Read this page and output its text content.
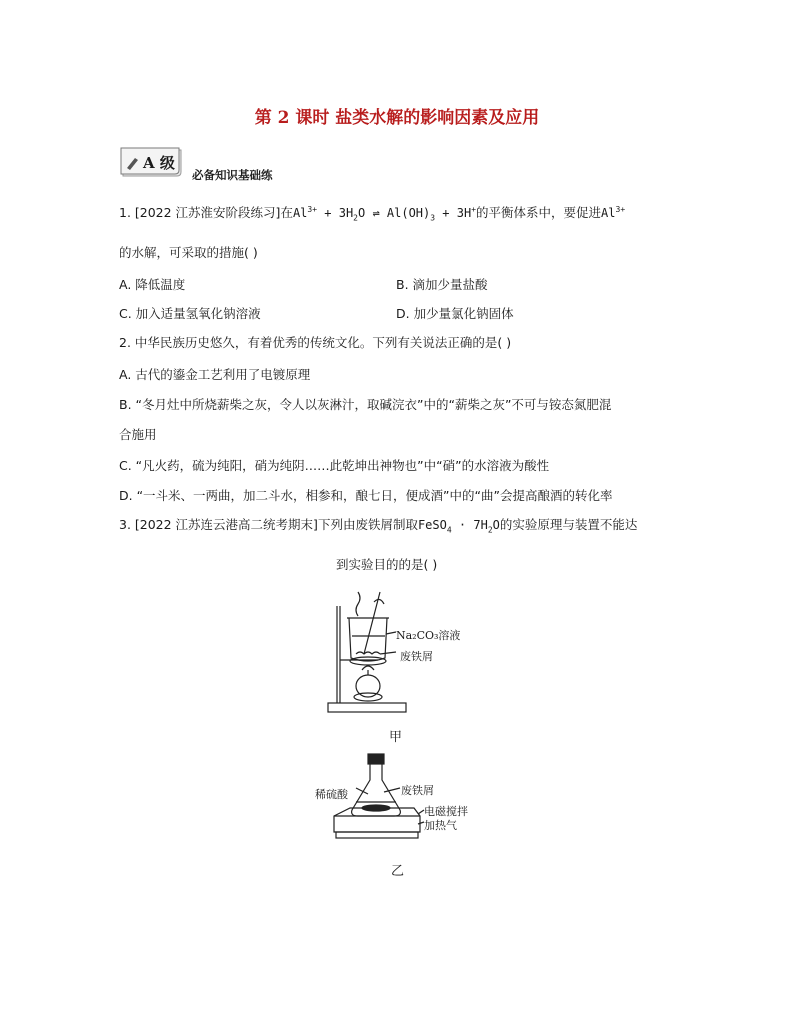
第 2 课时 盐类水解的影响因素及应用
A 级
必备知识基础练
1. [2022 江苏淮安阶段练习]在$Al^{3+} + 3H_2O$ ⇌ $Al(OH)_3 + 3H^+$的平衡体系中，要促进$Al^{3+}$
的水解，可采取的措施( )
A. 降低温度	B. 滴加少量盐酸
C. 加入适量氢氧化钠溶液	D. 加少量氯化钠固体
2. 中华民族历史悠久，有着优秀的传统文化。下列有关说法正确的是( )
A. 古代的鎏金工艺利用了电镀原理
B. “冬月灶中所烧薪柴之灰，令人以灰淋汁，取碱浣衣”中的“薪柴之灰”不可与铵态氮肥混
合施用
C. “凡火药，硫为纯阳，硝为纯阴……此乾坤出神物也”中“硝”的水溶液为酸性
D. “一斗米、一两曲，加二斗水，相参和，酿七日，便成酒”中的“曲”会提高酿酒的转化率
3. [2022 江苏连云港高二统考期末]下列由废铁屑制取FeSO$_4$ · $7H_2O$的实验原理与装置不能达
到实验目的的是( )
Na₂CO₃溶液
废铁屑
甲
稀硫酸	废铁屑
电磁搅拌
加热气
乙
